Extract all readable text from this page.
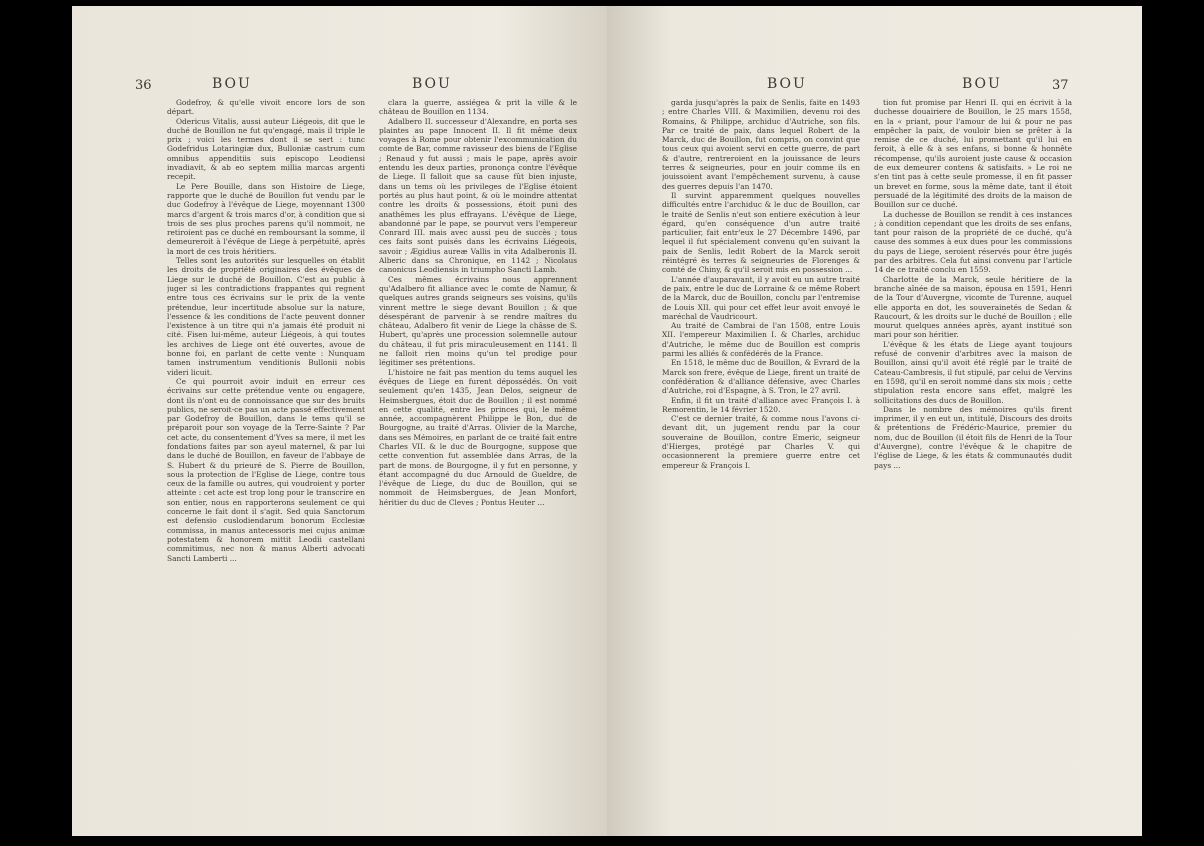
36	BOU	BOU

Godefroy, & qu'elle vivoit encore lors de son départ.

Odericus Vitalis, aussi auteur Liégeois, dit que le duché de Bouillon ne fut qu'engagé, mais il triple le prix ; voici les termes dont il se sert : tunc Godefridus Lotaringiæ dux, Bulloniæ castrum cum omnibus appenditiis suis episcopo Leodiensi invadiavit, & ab eo septem millia marcas argenti recepit.

Le Pere Bouille, dans son Histoire de Liege, rapporte que le duché de Bouillon fut vendu par le duc Godefroy à l'évêque de Liege, moyennant 1300 marcs d'argent & trois marcs d'or, à condition que si trois de ses plus proches parens qu'il nommoit, ne retiroient pas ce duché en remboursant la somme, il demeureroit à l'évêque de Liege à perpétuité, après la mort de ces trois héritiers.

Telles sont les autorités sur lesquelles on établit les droits de propriété originaires des évêques de Liege sur le duché de Bouillon. C'est au public à juger si les contradictions frappantes qui regnent entre tous ces écrivains sur le prix de la vente prétendue, leur incertitude absolue sur la nature, l'essence & les conditions de l'acte peuvent donner l'existence à un titre qui n'a jamais été produit ni cité. Fisen lui-même, auteur Liégeois, à qui toutes les archives de Liege ont été ouvertes, avoue de bonne foi, en parlant de cette vente : Nunquam tamen instrumentum venditionis Bullonii nobis videri licuit.

Ce qui pourroit avoir induit en erreur ces écrivains sur cette prétendue vente ou engagere, dont ils n'ont eu de connoissance que sur des bruits publics, ne seroit-ce pas un acte passé effectivement par Godefroy de Bouillon, dans le tems qu'il se préparoit pour son voyage de la Terre-Sainte ? Par cet acte, du consentement d'Yves sa mere, il met les fondations faites par son ayeul maternel, & par lui dans le duché de Bouillon, en faveur de l'abbaye de S. Hubert & du prieuré de S. Pierre de Bouillon, sous la protection de l'Eglise de Liege, contre tous ceux de la famille ou autres, qui voudroient y porter atteinte : cet acte est trop long pour le transcrire en son entier, nous en rapporterons seulement ce qui concerne le fait dont il s'agit. Sed quia Sanctorum est defensio cuslodiendarum bonorum Ecclesiæ commissa, in manus antecessoris mei cujus animæ potestatem & honorem mittit Leodii castellani commitimus, nec non & manus Alberti advocati Sancti Lamberti ...

clara la guerre, assiégea & prit la ville & le château de Bouillon en 1134.

Adalbero II. successeur d'Alexandre, en porta ses plaintes au pape Innocent II. Il fit même deux voyages à Rome pour obtenir l'excommunication du comte de Bar, comme ravisseur des biens de l'Eglise ; Renaud y fut aussi ; mais le pape, après avoir entendu les deux parties, prononça contre l'évêque de Liege. Il falloit que sa cause fût bien injuste, dans un tems où les privileges de l'Eglise étoient portés au plus haut point, & où le moindre attentat contre les droits & possessions, étoit puni des anathêmes les plus effrayans. L'évêque de Liege, abandonné par le pape, se pourvut vers l'empereur Conrard III. mais avec aussi peu de succès ; tous ces faits sont puisés dans les écrivains Liégeois, savoir ; Ægidius aureæ Vallis in vita Adalberonis II. Alberic dans sa Chronique, en 1142 ; Nicolaus canonicus Leodiensis in triumpho Sancti Lamb.

Ces mêmes écrivains nous apprennent qu'Adalbero fit alliance avec le comte de Namur, & quelques autres grands seigneurs ses voisins, qu'ils vinrent mettre le siege devant Bouillon ; & que désespérant de parvenir à se rendre maîtres du château, Adalbero fit venir de Liege la châsse de S. Hubert, qu'après une procession solemnelle autour du château, il fut pris miraculeusement en 1141. Il ne falloit rien moins qu'un tel prodige pour légitimer ses prétentions.

L'histoire ne fait pas mention du tems auquel les évêques de Liege en furent dépossédés. On voit seulement qu'en 1435, Jean Delos, seigneur de Heimsbergues, étoit duc de Bouillon ; il est nommé en cette qualité, entre les princes qui, le même année, accompagnèrent Philippe le Bon, duc de Bourgogne, au traité d'Arras. Olivier de la Marche, dans ses Mémoires, en parlant de ce traité fait entre Charles VII. & le duc de Bourgogne, suppose que cette convention fut assemblée dans Arras, de la part de mons. de Bourgogne, il y fut en personne, y étant accompagné du duc Arnould de Gueldre, de l'évêque de Liege, du duc de Bouillon, qui se nommoit de Heimsbergues, de Jean Monfort, héritier du duc de Cleves ; Pontus Heuter ...

BOU	BOU	37

garda jusqu'après la paix de Senlis, faite en 1493 ; entre Charles VIII. & Maximilien, devenu roi des Romains, & Philippe, archiduc d'Autriche, son fils. Par ce traité de paix, dans lequel Robert de la Marck, duc de Bouillon, fut compris, on convint que tous ceux qui avoient servi en cette guerre, de part & d'autre, rentreroient en la jouissance de leurs terres & seigneuries, pour en jouir comme ils en jouissoient avant l'empêchement survenu, à cause des guerres depuis l'an 1470.

Il survint apparemment quelques nouvelles difficultés entre l'archiduc & le duc de Bouillon, car le traité de Senlis n'eut son entiere exécution à leur égard, qu'en conséquence d'un autre traité particulier, fait entr'eux le 27 Décembre 1496, par lequel il fut spécialement convenu qu'en suivant la paix de Senlis, ledit Robert de la Marck seroit réintégré ès terres & seigneuries de Florenges & comté de Chiny, & qu'il seroit mis en possession ...

L'année d'auparavant, il y avoit eu un autre traité de paix, entre le duc de Lorraine & ce même Robert de la Marck, duc de Bouillon, conclu par l'entremise de Louis XII. qui pour cet effet leur avoit envoyé le maréchal de Vaudricourt.

Au traité de Cambrai de l'an 1508, entre Louis XII. l'empereur Maximilien I. & Charles, archiduc d'Autriche, le même duc de Bouillon est compris parmi les alliés & confédérés de la France.

En 1518, le même duc de Bouillon, & Evrard de la Marck son frere, évêque de Liege, firent un traité de confédération & d'alliance défensive, avec Charles d'Autriche, roi d'Espagne, à S. Tron, le 27 avril.

Enfin, il fit un traité d'alliance avec François I. à Remorentin, le 14 février 1520.

C'est ce dernier traité, & comme nous l'avons ci-devant dit, un jugement rendu par la cour souveraine de Bouillon, contre Emeric, seigneur d'Hierges, protégé par Charles V. qui occasionnerent la premiere guerre entre cet empereur & François I.

tion fut promise par Henri II. qui en écrivit à la duchesse douairiere de Bouillon, le 25 mars 1558, en la « priant, pour l'amour de lui & pour ne pas empêcher la paix, de vouloir bien se prêter à la remise de ce duché, lui promettant qu'il lui en feroit, à elle & à ses enfans, si bonne & honnête récompense, qu'ils auroient juste cause & occasion de eux demeurer contens & satisfaits. » Le roi ne s'en tint pas à cette seule promesse, il en fit passer un brevet en forme, sous la même date, tant il étoit persuadé de la légitimité des droits de la maison de Bouillon sur ce duché.

La duchesse de Bouillon se rendit à ces instances ; à condition cependant que les droits de ses enfans, tant pour raison de la propriété de ce duché, qu'à cause des sommes à eux dues pour les commissions du pays de Liege, seroient réservés pour être jugés par des arbitres. Cela fut ainsi convenu par l'article 14 de ce traité conclu en 1559.

Charlotte de la Marck, seule héritiere de la branche aînée de sa maison, épousa en 1591, Henri de la Tour d'Auvergne, vicomte de Turenne, auquel elle apporta en dot, les souverainetés de Sedan & Raucourt, & les droits sur le duché de Bouillon ; elle mourut quelques années après, ayant institué son mari pour son héritier.

L'évêque & les états de Liege ayant toujours refusé de convenir d'arbitres avec la maison de Bouillon, ainsi qu'il avoit été réglé par le traité de Cateau-Cambresis, il fut stipulé, par celui de Vervins en 1598, qu'il en seroit nommé dans six mois ; cette stipulation resta encore sans effet, malgré les sollicitations des ducs de Bouillon.

Dans le nombre des mémoires qu'ils firent imprimer, il y en eut un, intitulé, Discours des droits & prétentions de Frédéric-Maurice, premier du nom, duc de Bouillon (il étoit fils de Henri de la Tour d'Auvergne), contre l'évêque & le chapitre de l'église de Liege, & les états & communautés dudit pays ...
